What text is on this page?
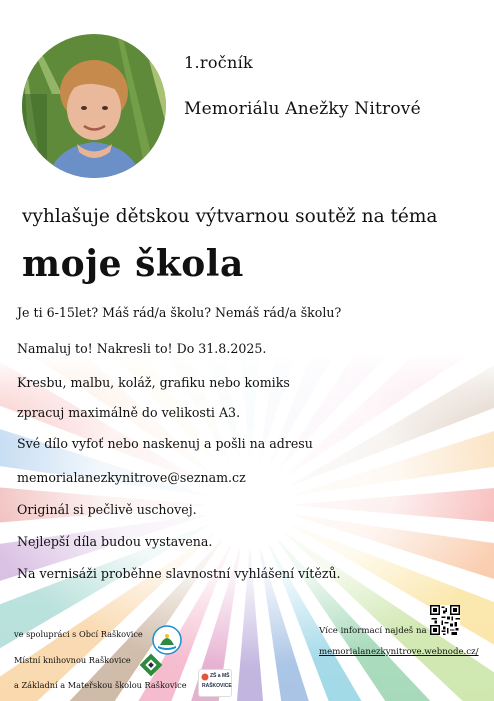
1.ročník
Memoriálu Anežky Nitrové
vyhlašuje dětskou výtvarnou soutěž na téma
moje škola
Je ti 6-15let? Máš rád/a školu? Nemáš rád/a školu?
Namaluj to! Nakresli to! Do 31.8.2025.
Kresbu, malbu, koláž, grafiku nebo komiks
zpracuj maximálně do velikosti A3.
Své dílo vyfoť nebo naskenuj a pošli na adresu
memorialanezkynitrove@seznam.cz
Originál si pečlivě uschovej.
Nejlepší díla budou vystavena.
Na vernisáži proběhne slavnostní vyhlášení vítězů.
ve spolupráci s Obcí Raškovice
Místní knihovnou Raškovice
a Základní a Mateřskou školou Raškovice
ZŠ a MŠ
RAŠKOVICE
Více informací najdeš na
memorialanezkynitrove.webnode.cz/
